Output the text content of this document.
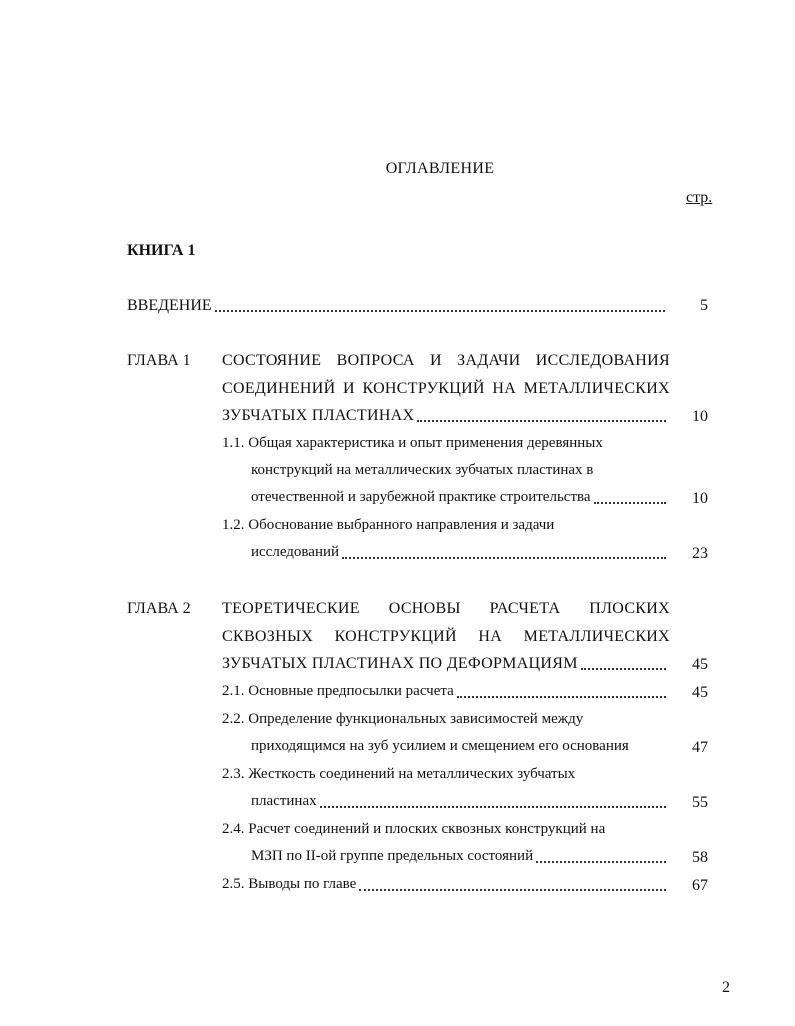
ОГЛАВЛЕНИЕ
стр.
КНИГА 1
ВВЕДЕНИЕ	5
ГЛАВА 1 СОСТОЯНИЕ ВОПРОСА И ЗАДАЧИ ИССЛЕДОВАНИЯ
СОЕДИНЕНИЙ И КОНСТРУКЦИЙ НА МЕТАЛЛИЧЕСКИХ
ЗУБЧАТЫХ ПЛАСТИНАХ	10
1.1. Общая характеристика и опыт применения деревянных
конструкций на металлических зубчатых пластинах в
отечественной и зарубежной практике строительства	10
1.2. Обоснование выбранного направления и задачи
исследований	23
ГЛАВА 2 ТЕОРЕТИЧЕСКИЕ ОСНОВЫ РАСЧЕТА ПЛОСКИХ
СКВОЗНЫХ КОНСТРУКЦИЙ НА МЕТАЛЛИЧЕСКИХ
ЗУБЧАТЫХ ПЛАСТИНАХ ПО ДЕФОРМАЦИЯМ	45
2.1. Основные предпосылки расчета	45
2.2. Определение функциональных зависимостей между
приходящимся на зуб усилием и смещением его основания	47
2.3. Жесткость соединений на металлических зубчатых
пластинах	55
2.4. Расчет соединений и плоских сквозных конструкций на
МЗП по II-ой группе предельных состояний	58
2.5. Выводы по главе	67
2
